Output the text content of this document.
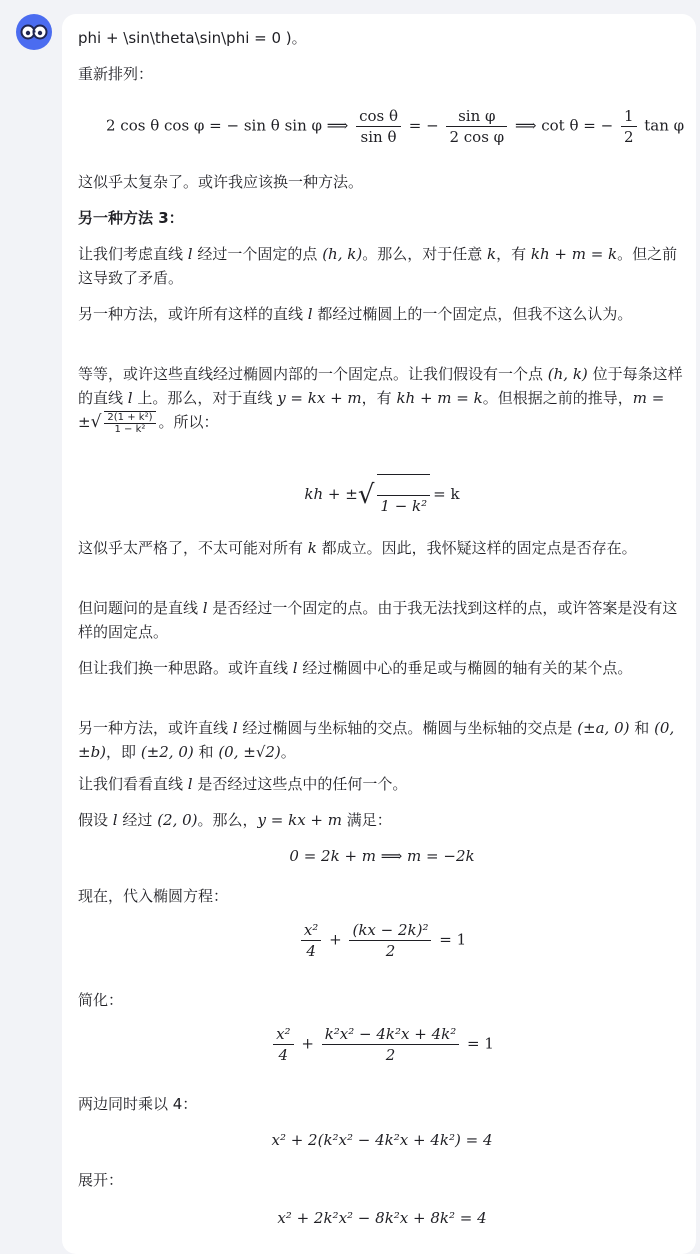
phi + \sin\theta\sin\phi = 0 )。
重新排列：
2 cos θ cos φ = − sin θ sin φ ⟹ $\frac{\text{cos θ}}{\text{sin θ}}$ = − $\frac{\text{sin φ}}{\text{2 cos φ}}$ ⟹ cot θ = − $\frac{1}{2}$ tan φ
这似乎太复杂了。或许我应该换一种方法。
另一种方法 3：
让我们考虑直线 l 经过一个固定的点 (h, k)。那么，对于任意 k，有 kh + m = k。但之前这导致了矛盾。
另一种方法，或许所有这样的直线 l 都经过椭圆上的一个固定点，但我不这么认为。
等等，或许这些直线经过椭圆内部的一个固定点。让我们假设有一个点 (h, k) 位于每条这样的直线 l 上。那么，对于直线 y = kx + m，有 kh + m = k。但根据之前的推导，m = ±√ $\frac{\text{2(1 + k²)}}{\text{1 − k²}}$ 。所以：
kh + ±√
1 − k²
= k
这似乎太严格了，不太可能对所有 k 都成立。因此，我怀疑这样的固定点是否存在。
但问题问的是直线 l 是否经过一个固定的点。由于我无法找到这样的点，或许答案是没有这样的固定点。
但让我们换一种思路。或许直线 l 经过椭圆中心的垂足或与椭圆的轴有关的某个点。
另一种方法，或许直线 l 经过椭圆与坐标轴的交点。椭圆与坐标轴的交点是 (±a, 0) 和 (0, ±b)，即 (±2, 0) 和 (0, ±√2)。
让我们看看直线 l 是否经过这些点中的任何一个。
假设 l 经过 (2, 0)。那么，y = kx + m 满足：
0 = 2k + m ⟹ m = −2k
现在，代入椭圆方程：
$\frac{\text{x²}}{4} + \frac{\text{(kx − 2k)²}}{2} = 1$
简化：
$\frac{\text{x²}}{4} + \frac{\text{k²x² − 4k²x + 4k²}}{2} = 1$
两边同时乘以 4：
x² + 2(k²x² − 4k²x + 4k²) = 4
展开：
x² + 2k²x² − 8k²x + 8k² = 4
